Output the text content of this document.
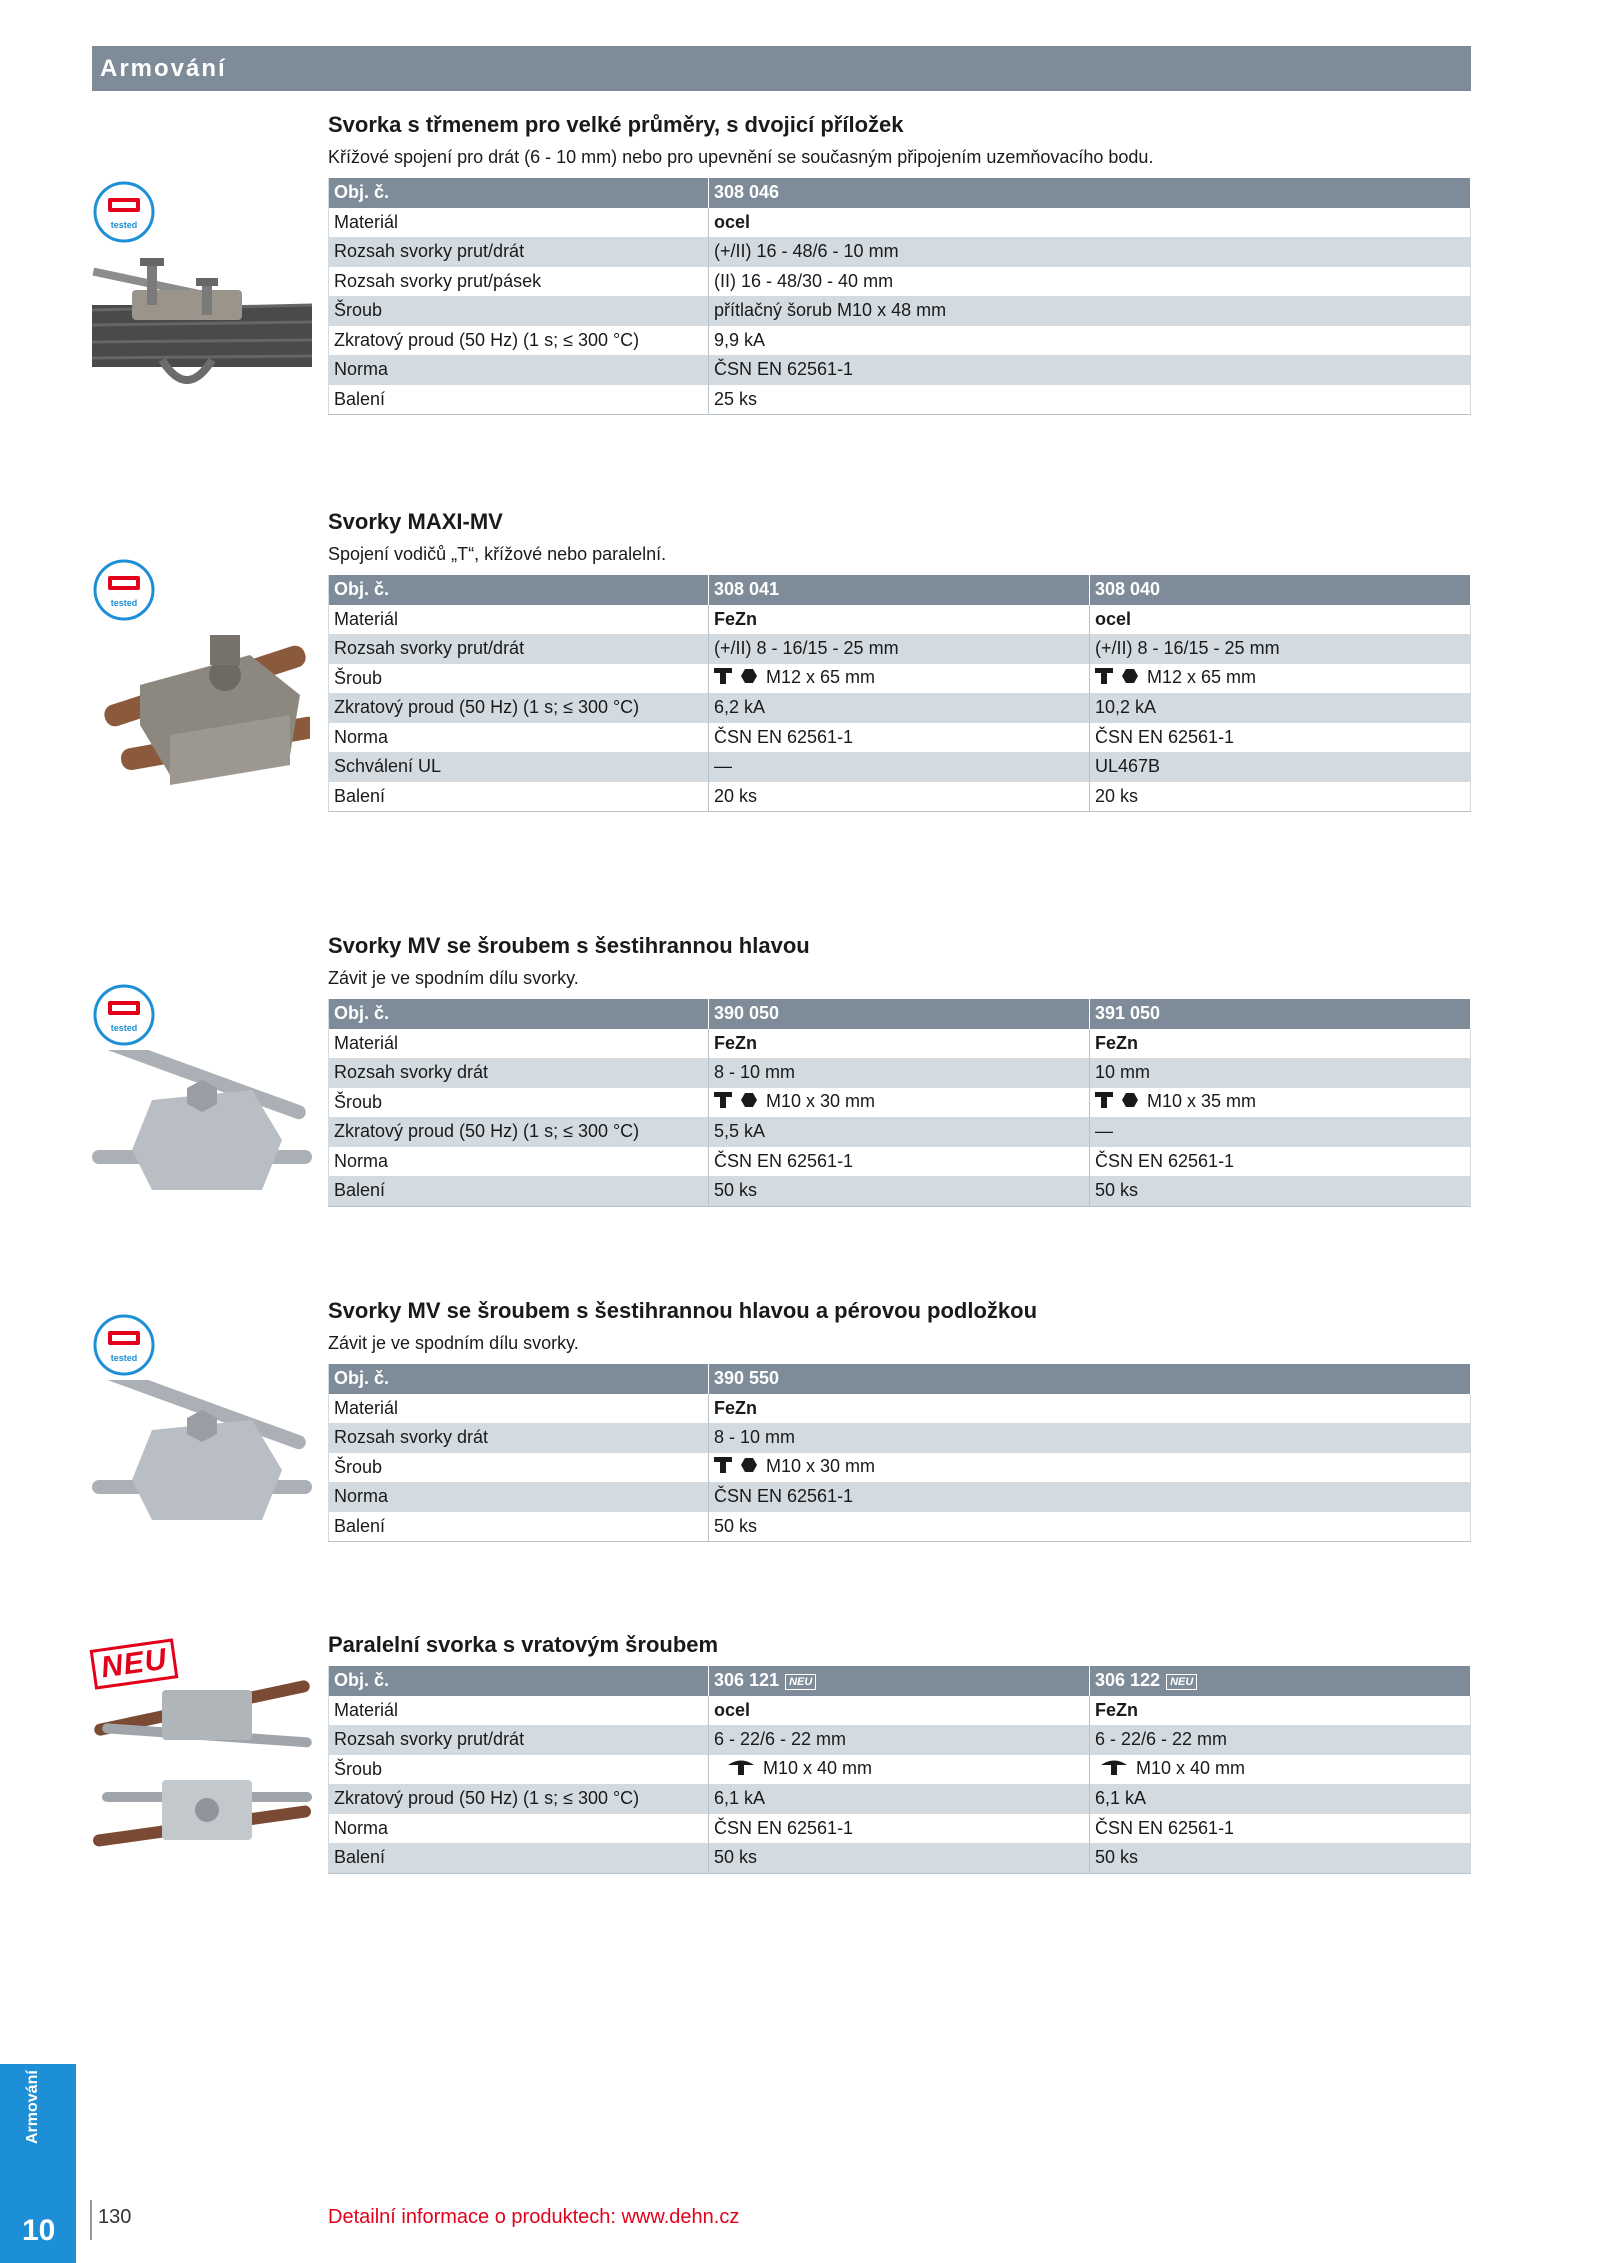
Armování
tested
Svorka s třmenem pro velké průměry, s dvojicí příložek
Křížové spojení pro drát (6 - 10 mm) nebo pro upevnění se současným připojením uzemňovacího bodu.
Obj. č.	308 046
Materiál	ocel
Rozsah svorky prut/drát	(+/II) 16 - 48/6 - 10 mm
Rozsah svorky prut/pásek	(II) 16 - 48/30 - 40 mm
Šroub	přítlačný šorub M10 x 48 mm
Zkratový proud (50 Hz) (1 s; ≤ 300 °C)	9,9 kA
Norma	ČSN EN 62561-1
Balení	25 ks
tested
Svorky MAXI-MV
Spojení vodičů „T“, křížové nebo paralelní.
Obj. č.	308 041	308 040
Materiál	FeZn	ocel
Rozsah svorky prut/drát	(+/II) 8 - 16/15 - 25 mm	(+/II) 8 - 16/15 - 25 mm
Šroub	M12 x 65 mm	M12 x 65 mm
Zkratový proud (50 Hz) (1 s; ≤ 300 °C)	6,2 kA	10,2 kA
Norma	ČSN EN 62561-1	ČSN EN 62561-1
Schválení UL	—	UL467B
Balení	20 ks	20 ks
tested
Svorky MV se šroubem s šestihrannou hlavou
Závit je ve spodním dílu svorky.
Obj. č.	390 050	391 050
Materiál	FeZn	FeZn
Rozsah svorky drát	8 - 10 mm	10 mm
Šroub	M10 x 30 mm	M10 x 35 mm
Zkratový proud (50 Hz) (1 s; ≤ 300 °C)	5,5 kA	—
Norma	ČSN EN 62561-1	ČSN EN 62561-1
Balení	50 ks	50 ks
tested
Svorky MV se šroubem s šestihrannou hlavou a pérovou podložkou
Závit je ve spodním dílu svorky.
Obj. č.	390 550
Materiál	FeZn
Rozsah svorky drát	8 - 10 mm
Šroub	M10 x 30 mm
Norma	ČSN EN 62561-1
Balení	50 ks
NEU	Paralelní svorka s vratovým šroubem
Obj. č.	306 121 NEU	306 122 NEU
Materiál	ocel	FeZn
Rozsah svorky prut/drát	6 - 22/6 - 22 mm	6 - 22/6 - 22 mm
Šroub	M10 x 40 mm	M10 x 40 mm
Zkratový proud (50 Hz) (1 s; ≤ 300 °C)	6,1 kA	6,1 kA
Norma	ČSN EN 62561-1	ČSN EN 62561-1
Balení	50 ks	50 ks
Armování
10	130	Detailní informace o produktech: www.dehn.cz
